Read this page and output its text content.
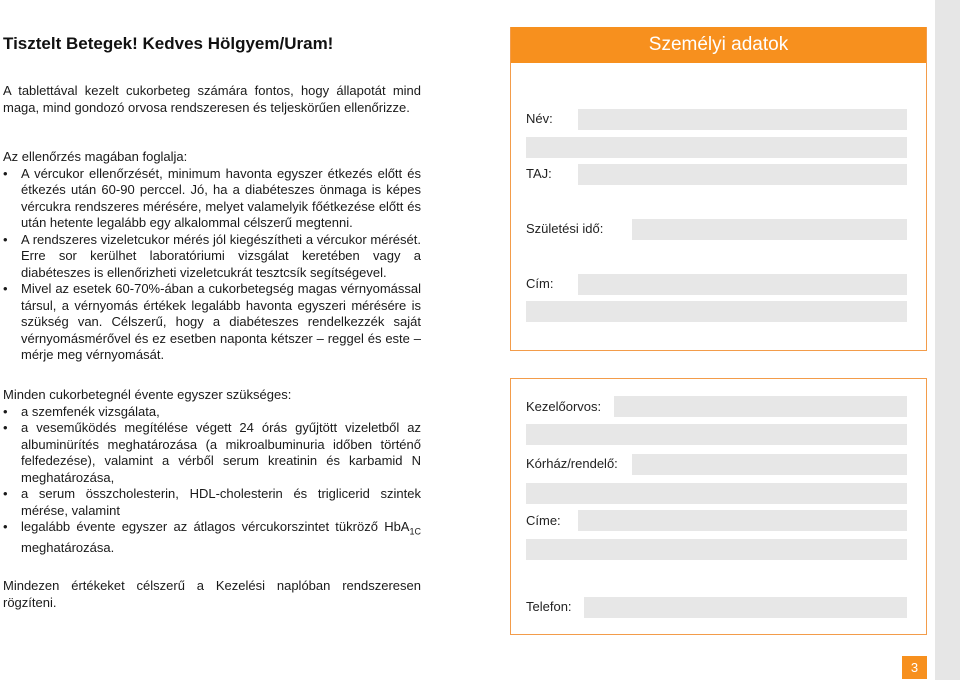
Tisztelt Betegek! Kedves Hölgyem/Uram!

A tablettával kezelt cukorbeteg számára fontos, hogy állapotát mind maga, mind gondozó orvosa rendszeresen és teljeskörűen ellenőrizze.

Az ellenőrzés magában foglalja:
• A vércukor ellenőrzését, minimum havonta egyszer étkezés előtt és étkezés után 60-90 perccel. Jó, ha a diabéteszes önmaga is képes vércukra rendszeres mérésére, melyet valamelyik főétkezése előtt és után hetente legalább egy alkalommal célszerű megtenni.
• A rendszeres vizeletcukor mérés jól kiegészítheti a vércukor mérését. Erre sor kerülhet laboratóriumi vizsgálat keretében vagy a diabéteszes is ellenőrizheti vizeletcukrát tesztcsík segítségevel.
• Mivel az esetek 60-70%-ában a cukorbetegség magas vérnyomással társul, a vérnyomás értékek legalább havonta egyszeri mérésére is szükség van. Célszerű, hogy a diabéteszes rendelkezzék saját vérnyomásmérővel és ez esetben naponta kétszer – reggel és este – mérje meg vérnyomását.
Minden cukorbetegnél évente egyszer szükséges:
• a szemfenék vizsgálata,
• a veseműködés megítélése végett 24 órás gyűjtött vizeletből az albuminürítés meghatározása (a mikroalbuminuria időben történő felfedezése), valamint a vérből serum kreatinin és karbamid N meghatározása,
• a serum összcholesterin, HDL-cholesterin és triglicerid szintek mérése, valamint
• legalább évente egyszer az átlagos vércukorszintet tükröző HbA$_{1C}$ meghatározása.

Mindezen értékeket célszerű a Kezelési naplóban rendszeresen rögzíteni.

Személyi adatok
Név:
TAJ:
Születési idő:
Cím:
Kezelőorvos:
Kórház/rendelő:
Címe:
Telefon:
3
